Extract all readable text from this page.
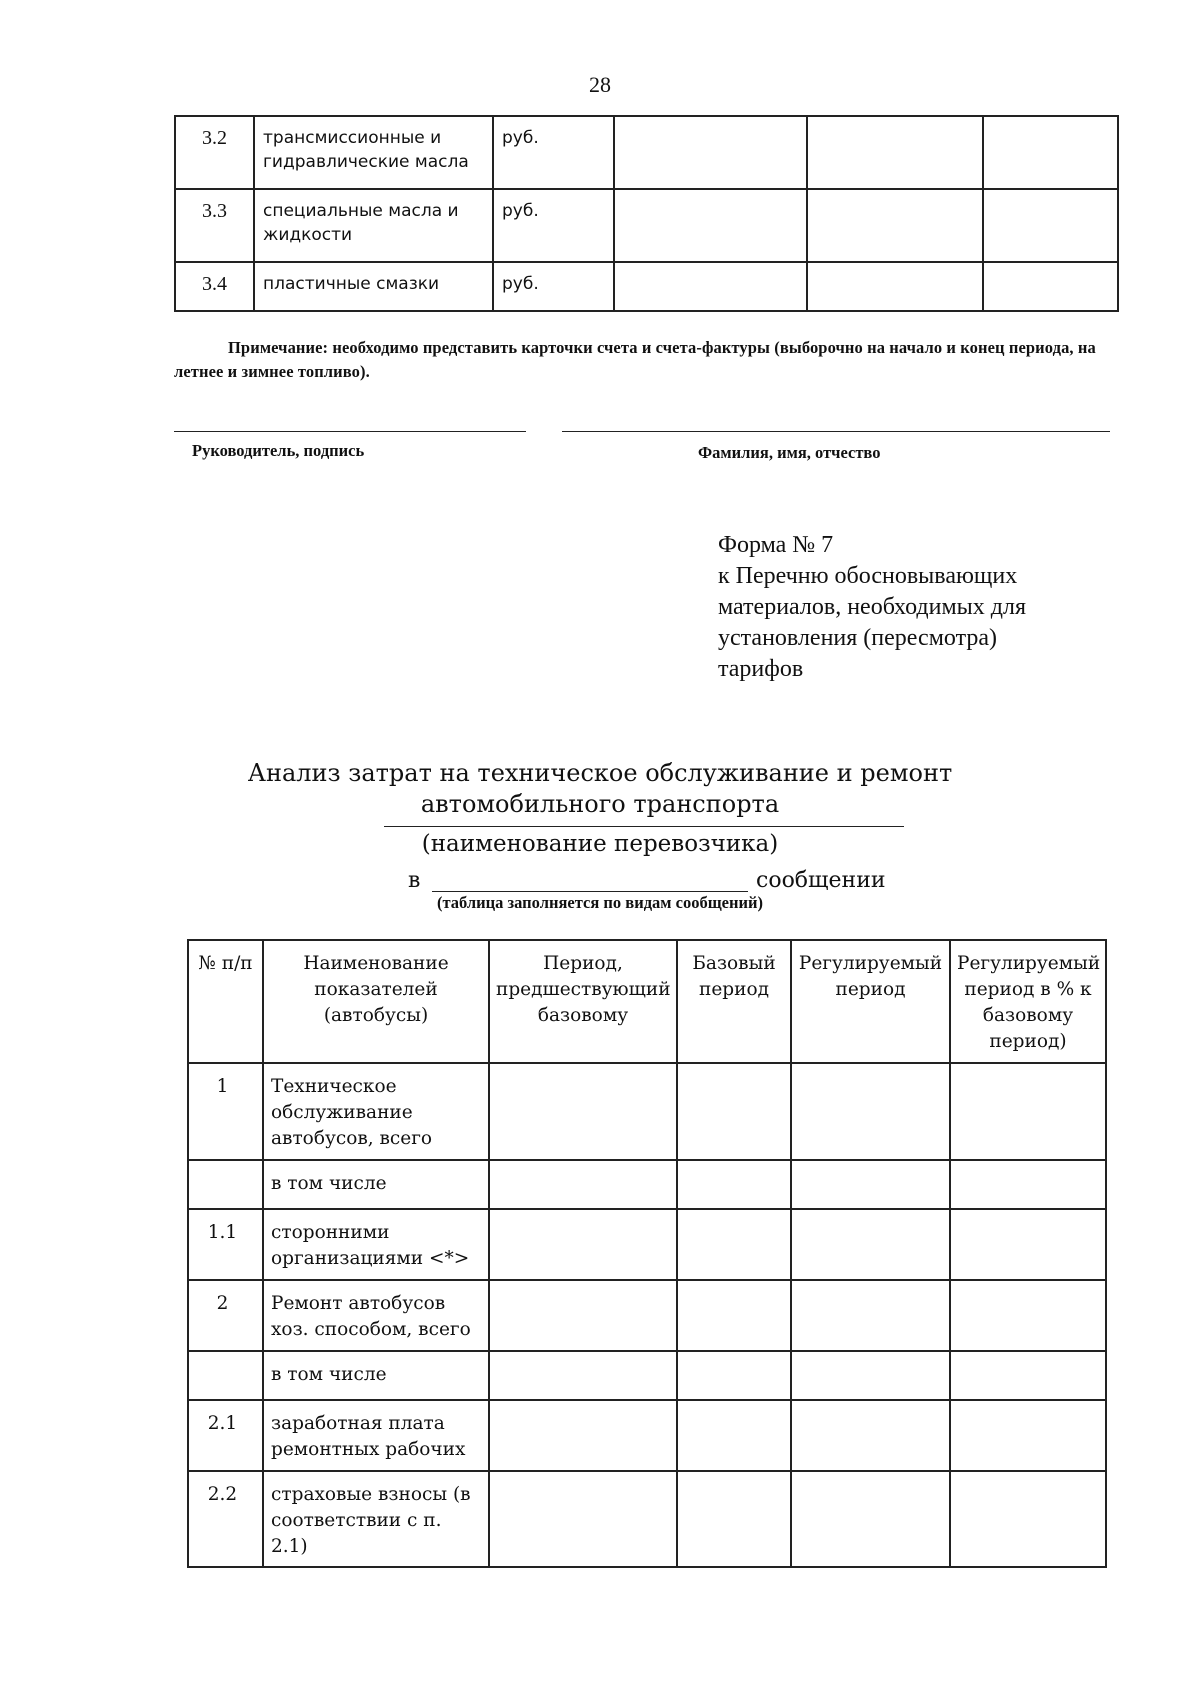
28
3.2	трансмиссионные и гидравлические масла	руб.			
3.3	специальные масла и жидкости	руб.			
3.4	пластичные смазки	руб.			
Примечание: необходимо представить карточки счета и счета-фактуры (выборочно на начало и конец периода, на летнее и зимнее топливо).
Руководитель, подпись	Фамилия, имя, отчество
Форма № 7
к Перечню обосновывающих
материалов, необходимых для
установления (пересмотра)
тарифов
Анализ затрат на техническое обслуживание и ремонт
автомобильного транспорта
(наименование перевозчика)
в	сообщении
(таблица заполняется по видам сообщений)
№ п/п	Наименование показателей (автобусы)	Период, предшествующий базовому	Базовый период	Регулируемый период	Регулируемый период в % к базовому период)
1	Техническое обслуживание автобусов, всего				
	в том числе				
1.1	сторонними организациями <*>				
2	Ремонт автобусов хоз. способом, всего				
	в том числе				
2.1	заработная плата ремонтных рабочих				
2.2	страховые взносы (в соответствии с п. 2.1)				
